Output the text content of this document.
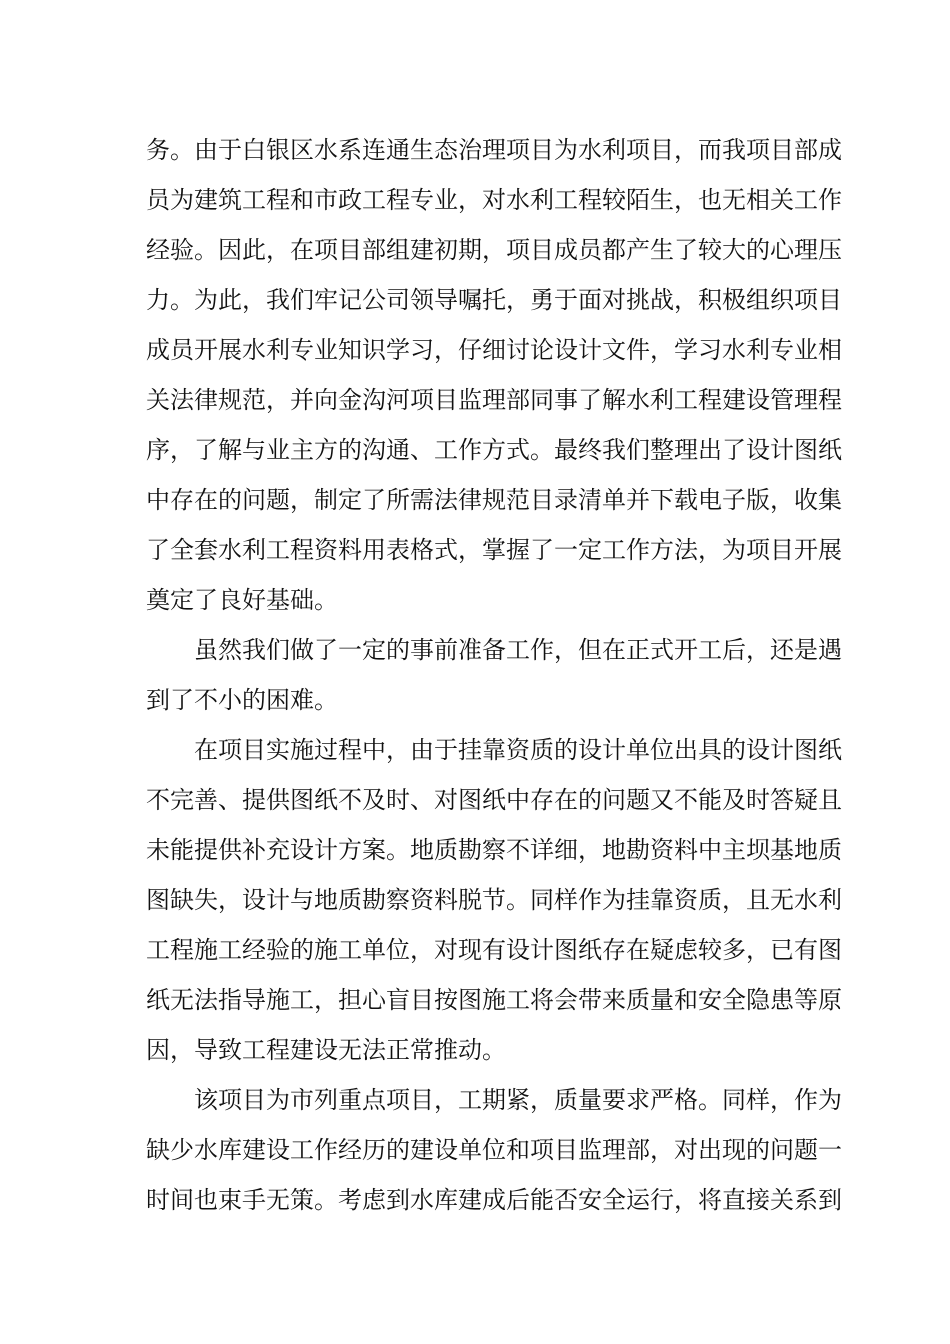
务。由于白银区水系连通生态治理项目为水利项目，而我项目部成
员为建筑工程和市政工程专业，对水利工程较陌生，也无相关工作
经验。因此，在项目部组建初期，项目成员都产生了较大的心理压
力。为此，我们牢记公司领导嘱托，勇于面对挑战，积极组织项目
成员开展水利专业知识学习，仔细讨论设计文件，学习水利专业相
关法律规范，并向金沟河项目监理部同事了解水利工程建设管理程
序，了解与业主方的沟通、工作方式。最终我们整理出了设计图纸
中存在的问题，制定了所需法律规范目录清单并下载电子版，收集
了全套水利工程资料用表格式，掌握了一定工作方法，为项目开展
奠定了良好基础。
虽然我们做了一定的事前准备工作，但在正式开工后，还是遇
到了不小的困难。
在项目实施过程中，由于挂靠资质的设计单位出具的设计图纸
不完善、提供图纸不及时、对图纸中存在的问题又不能及时答疑且
未能提供补充设计方案。地质勘察不详细，地勘资料中主坝基地质
图缺失，设计与地质勘察资料脱节。同样作为挂靠资质，且无水利
工程施工经验的施工单位，对现有设计图纸存在疑虑较多，已有图
纸无法指导施工，担心盲目按图施工将会带来质量和安全隐患等原
因，导致工程建设无法正常推动。
该项目为市列重点项目，工期紧，质量要求严格。同样，作为
缺少水库建设工作经历的建设单位和项目监理部，对出现的问题一
时间也束手无策。考虑到水库建成后能否安全运行，将直接关系到
